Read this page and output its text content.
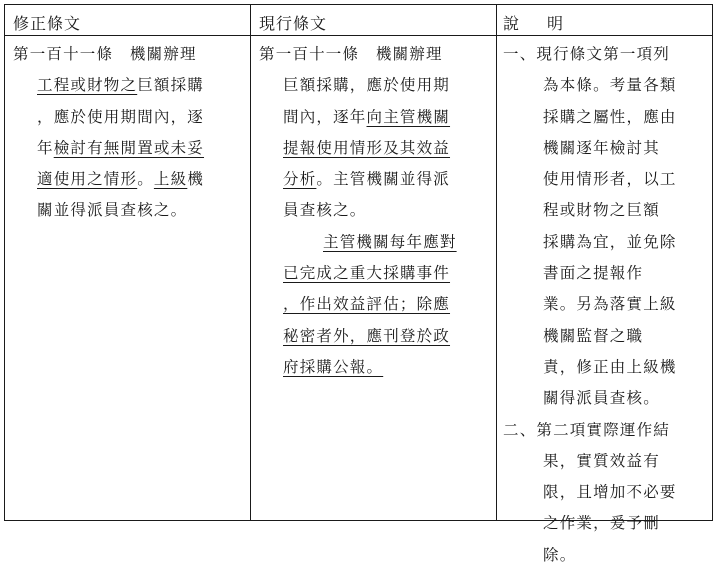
修正條文	現行條文	說明
第一百十一條　機關辦理
工程或財物之巨額採購
，應於使用期間內，逐
年檢討有無閒置或未妥
適使用之情形。上級機
關並得派員查核之。
第一百十一條　機關辦理
巨額採購，應於使用期
間內，逐年向主管機關
提報使用情形及其效益
分析。主管機關並得派
員查核之。
主管機關每年應對
已完成之重大採購事件
，作出效益評估；除應
秘密者外，應刊登於政
府採購公報。
一、現行條文第一項列
為本條。考量各類
採購之屬性，應由
機關逐年檢討其
使用情形者，以工
程或財物之巨額
採購為宜，並免除
書面之提報作
業。另為落實上級
機關監督之職
責，修正由上級機
關得派員查核。
二、第二項實際運作結
果，實質效益有
限，且增加不必要
之作業，爰予刪
除。
